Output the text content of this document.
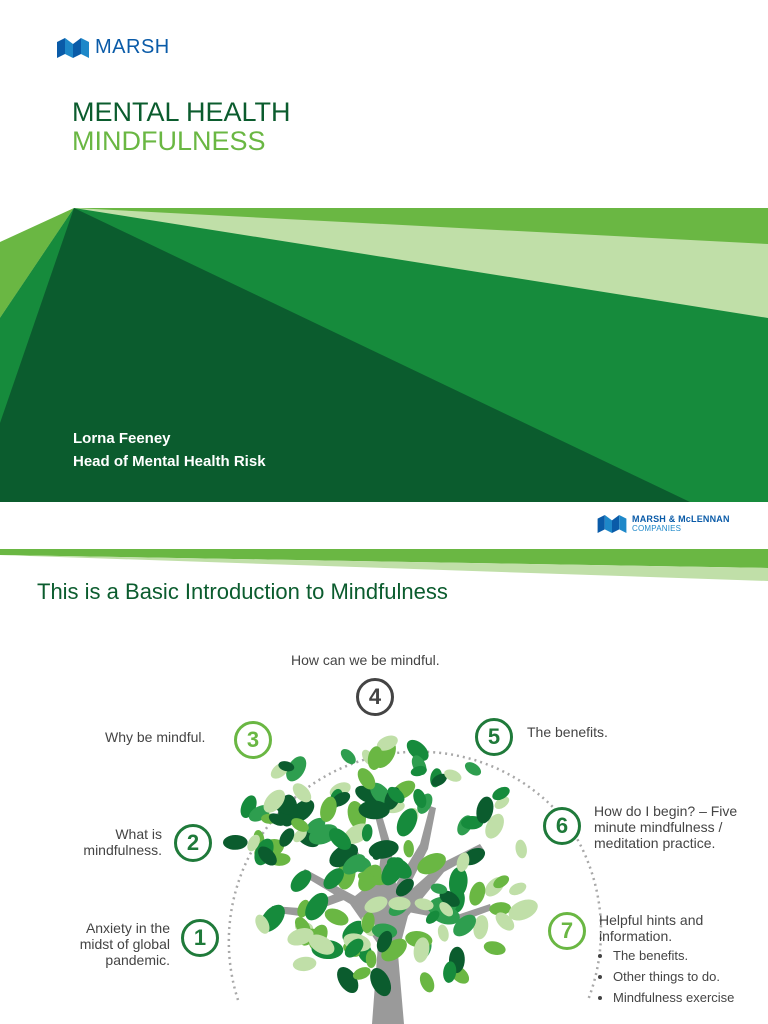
MARSH
MENTAL HEALTH
MINDFULNESS
Lorna Feeney
Head of Mental Health Risk
MARSH & McLENNAN
COMPANIES
This is a Basic Introduction to Mindfulness
1
Anxiety in the midst of global pandemic.
2
What is mindfulness.
3
Why be mindful.
4
How can we be mindful.
5	The benefits.
6
How do I begin? – Five minute mindfulness / meditation practice.
7	Helpful hints and information.
• The benefits.
• Other things to do.
• Mindfulness exercise
